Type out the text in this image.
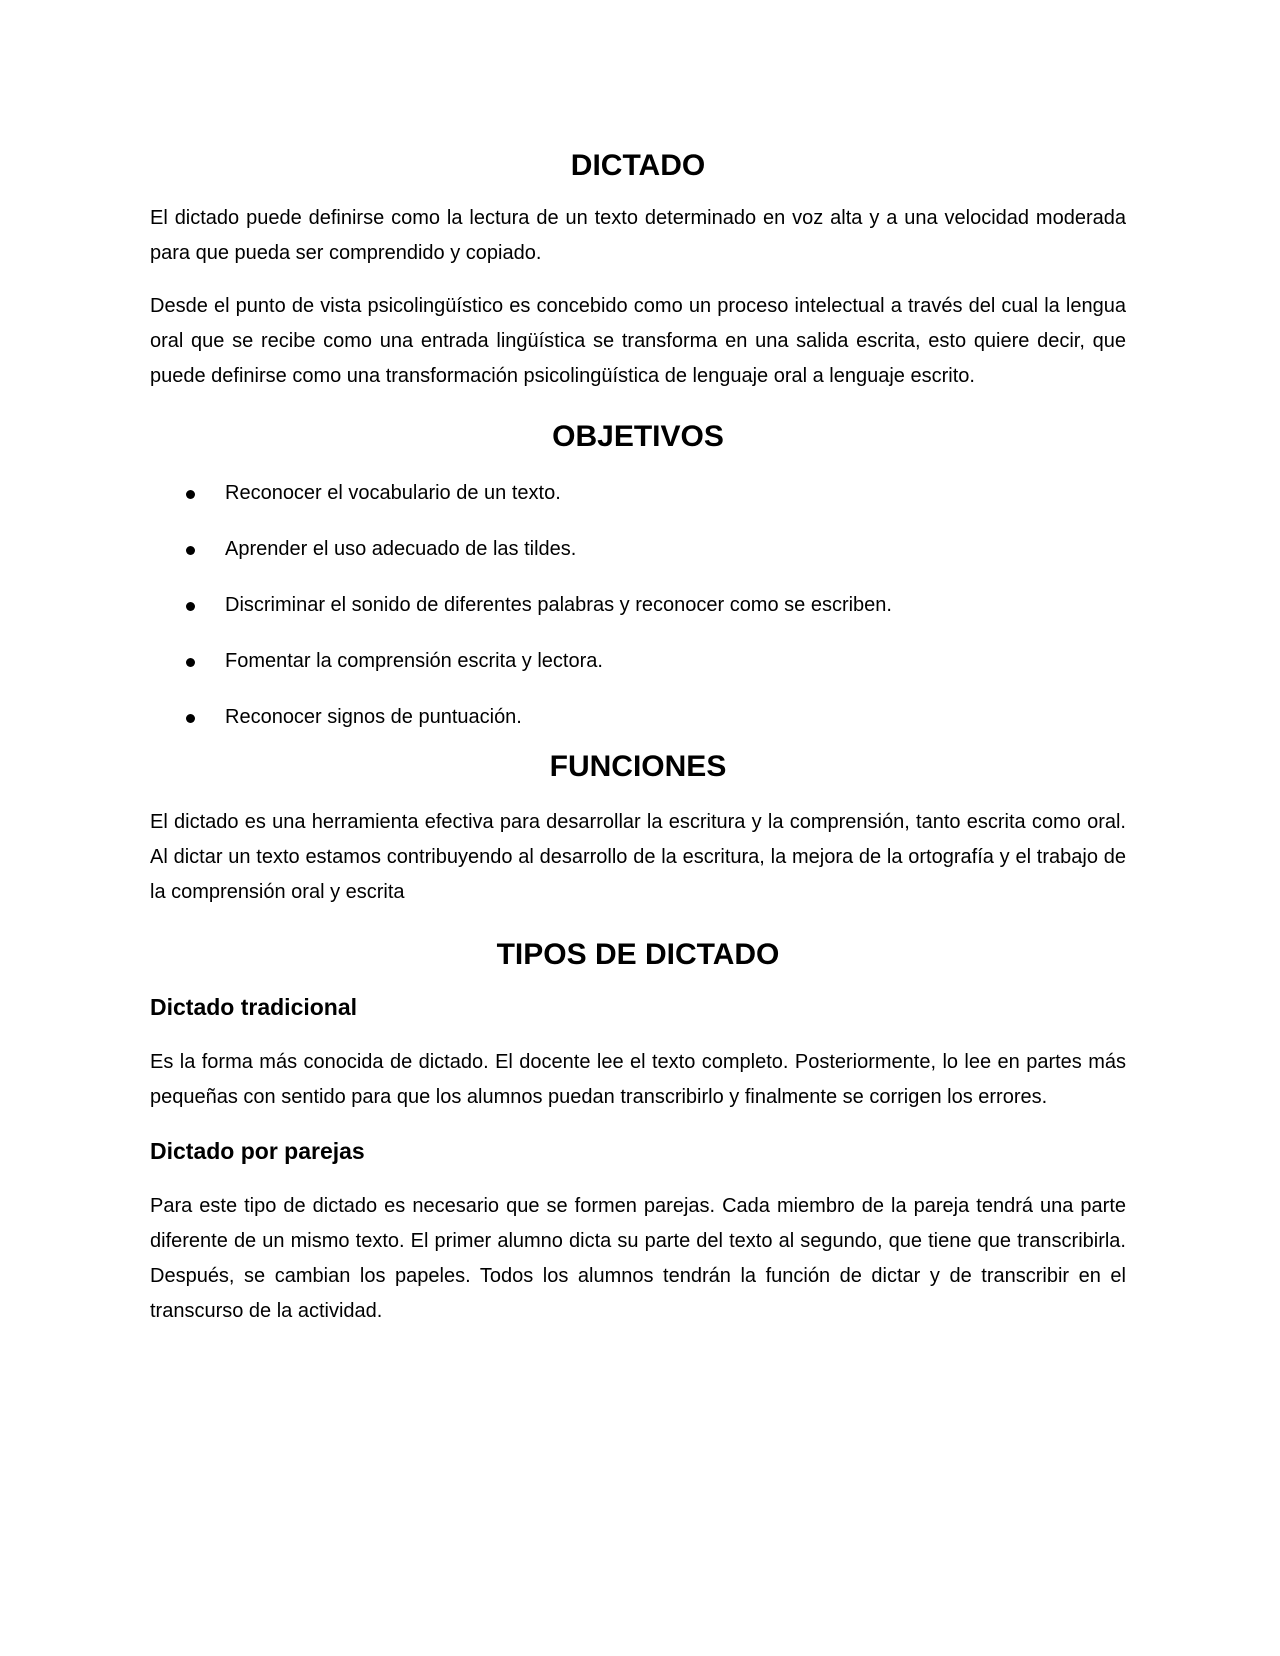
DICTADO

El dictado puede definirse como la lectura de un texto determinado en voz alta y a una velocidad moderada para que pueda ser comprendido y copiado.

Desde el punto de vista psicolingüístico es concebido como un proceso intelectual a través del cual la lengua oral que se recibe como una entrada lingüística se transforma en una salida escrita, esto quiere decir, que puede definirse como una transformación psicolingüística de lenguaje oral a lenguaje escrito.

OBJETIVOS
Reconocer el vocabulario de un texto.
Aprender el uso adecuado de las tildes.
Discriminar el sonido de diferentes palabras y reconocer como se escriben.
Fomentar la comprensión escrita y lectora.
Reconocer signos de puntuación.
FUNCIONES

El dictado es una herramienta efectiva para desarrollar la escritura y la comprensión, tanto escrita como oral. Al dictar un texto estamos contribuyendo al desarrollo de la escritura, la mejora de la ortografía y el trabajo de la comprensión oral y escrita

TIPOS DE DICTADO
Dictado tradicional

Es la forma más conocida de dictado. El docente lee el texto completo. Posteriormente, lo lee en partes más pequeñas con sentido para que los alumnos puedan transcribirlo y finalmente se corrigen los errores.

Dictado por parejas

Para este tipo de dictado es necesario que se formen parejas. Cada miembro de la pareja tendrá una parte diferente de un mismo texto. El primer alumno dicta su parte del texto al segundo, que tiene que transcribirla. Después, se cambian los papeles. Todos los alumnos tendrán la función de dictar y de transcribir en el transcurso de la actividad.
